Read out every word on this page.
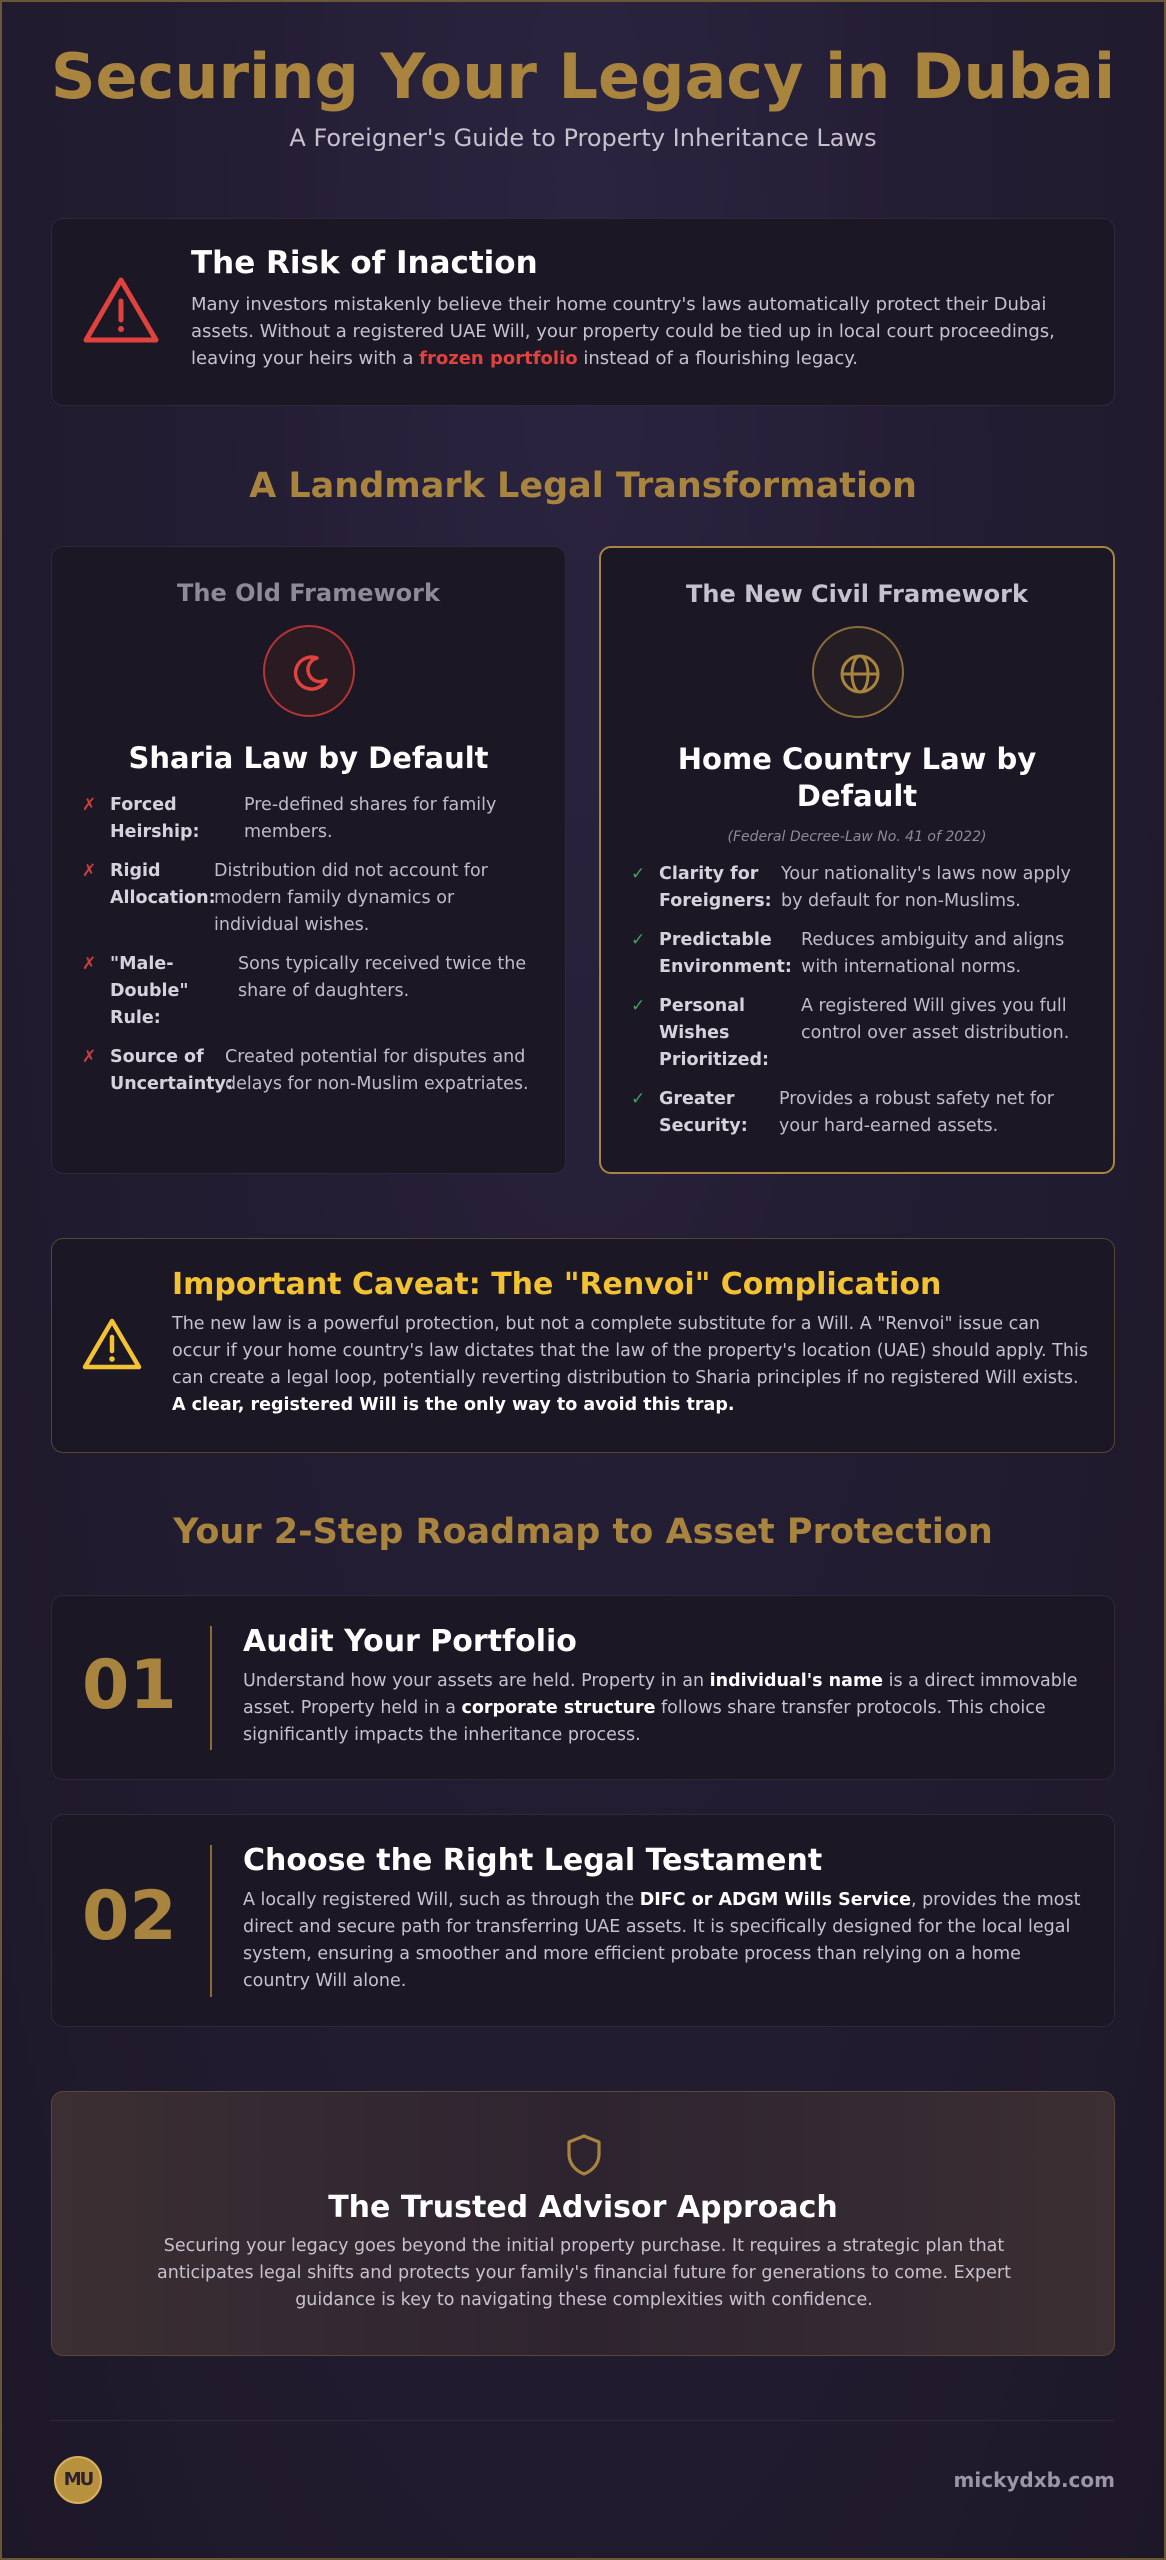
Securing Your Legacy in Dubai
A Foreigner's Guide to Property Inheritance Laws
The Risk of Inaction

Many investors mistakenly believe their home country's laws automatically protect their Dubai assets. Without a registered UAE Will, your property could be tied up in local court proceedings, leaving your heirs with a frozen portfolio instead of a flourishing legacy.

A Landmark Legal Transformation
The Old Framework
Sharia Law by Default
✗ Forced
Heirship:
Pre-defined shares for family
members.
✗ Rigid
Allocation:
Distribution did not account for
modern family dynamics or
individual wishes.
✗ "Male-
Double"
Rule:
Sons typically received twice the
share of daughters.
✗ Source of
Uncertainty:
Created potential for disputes and
delays for non-Muslim expatriates.
The New Civil Framework
Home Country Law by
Default
(Federal Decree-Law No. 41 of 2022)
✓ Clarity for
Foreigners:
Your nationality's laws now apply
by default for non-Muslims.
✓ Predictable
Environment:
Reduces ambiguity and aligns
with international norms.
✓ Personal
Wishes
Prioritized:
A registered Will gives you full
control over asset distribution.
✓ Greater
Security:
Provides a robust safety net for
your hard-earned assets.
Important Caveat: The "Renvoi" Complication

The new law is a powerful protection, but not a complete substitute for a Will. A "Renvoi" issue can occur if your home country's law dictates that the law of the property's location (UAE) should apply. This can create a legal loop, potentially reverting distribution to Sharia principles if no registered Will exists. A clear, registered Will is the only way to avoid this trap.

Your 2-Step Roadmap to Asset Protection
01
Audit Your Portfolio

Understand how your assets are held. Property in an individual's name is a direct immovable asset. Property held in a corporate structure follows share transfer protocols. This choice significantly impacts the inheritance process.

02
Choose the Right Legal Testament

A locally registered Will, such as through the DIFC or ADGM Wills Service, provides the most direct and secure path for transferring UAE assets. It is specifically designed for the local legal system, ensuring a smoother and more efficient probate process than relying on a home country Will alone.

The Trusted Advisor Approach

Securing your legacy goes beyond the initial property purchase. It requires a strategic plan that anticipates legal shifts and protects your family's financial future for generations to come. Expert guidance is key to navigating these complexities with confidence.

MU	mickydxb.com
